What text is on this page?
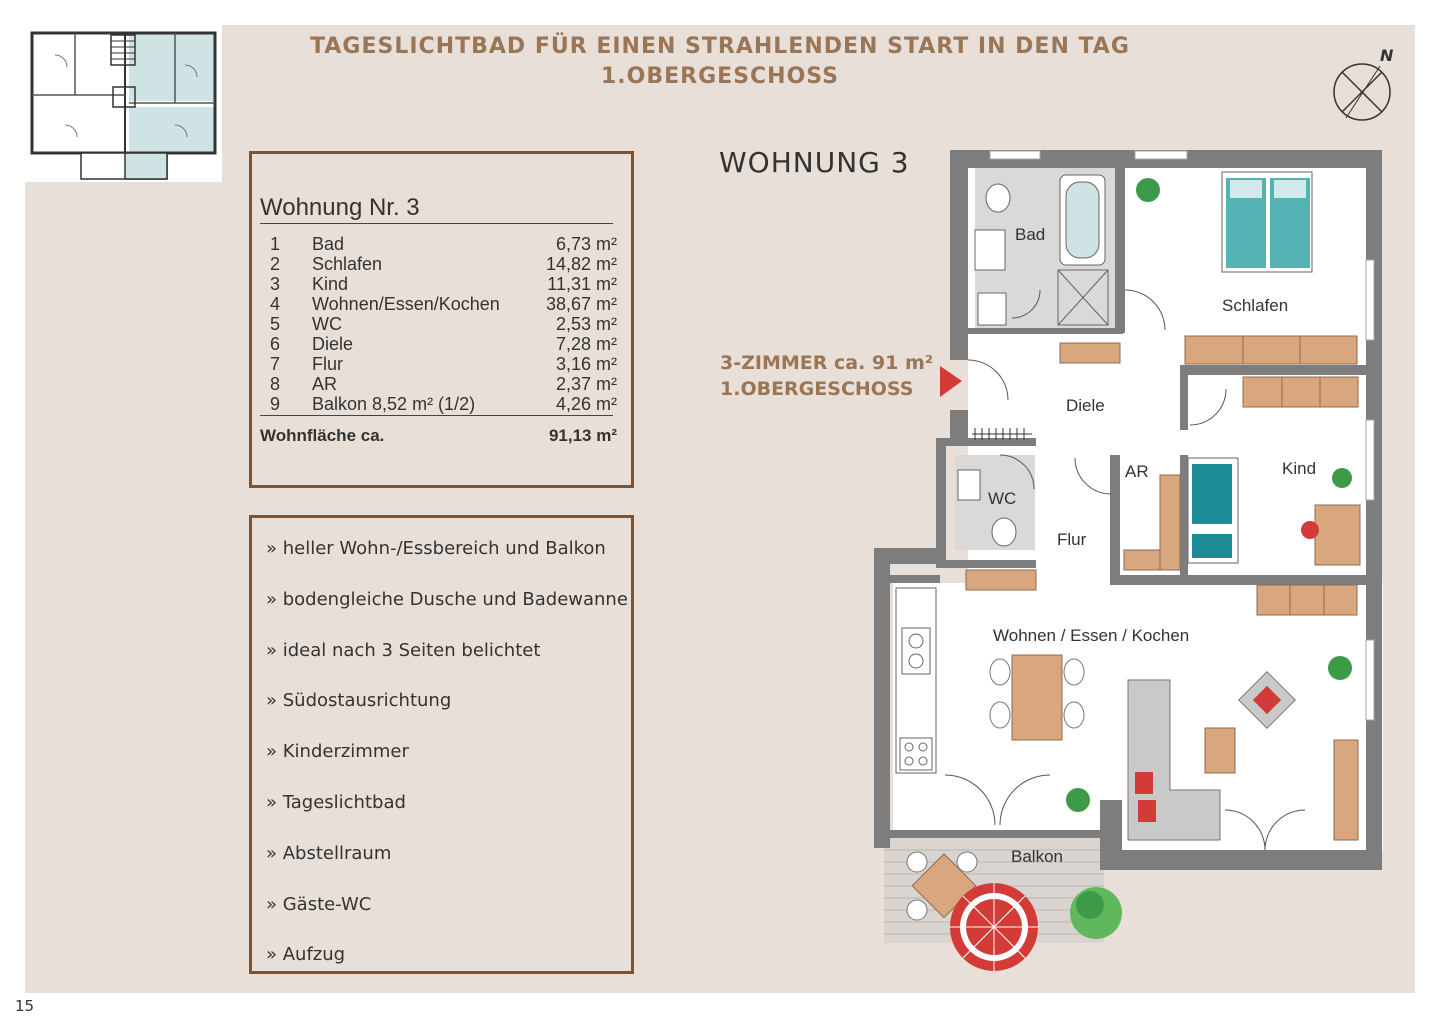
TAGESLICHTBAD FÜR EINEN STRAHLENDEN START IN DEN TAG
1.OBERGESCHOSS
N
Wohnung Nr. 3
1 Bad	6,73 m²
2 Schlafen	14,82 m²
3 Kind	11,31 m²
4 Wohnen/Essen/Kochen	38,67 m²
5 WC	2,53 m²
6 Diele	7,28 m²
7 Flur	3,16 m²
8 AR	2,37 m²
9 Balkon 8,52 m² (1/2)	4,26 m²
Wohnfläche ca.	91,13 m²
» heller Wohn-/Essbereich und Balkon
» bodengleiche Dusche und Badewanne
» ideal nach 3 Seiten belichtet
» Südostausrichtung
» Kinderzimmer
» Tageslichtbad
» Abstellraum
» Gäste-WC
» Aufzug
WOHNUNG 3
3-ZIMMER ca. 91 m²
1.OBERGESCHOSS
Bad
Schlafen
Diele
AR	Kind
WC
Flur
Wohnen / Essen / Kochen
Balkon
15
